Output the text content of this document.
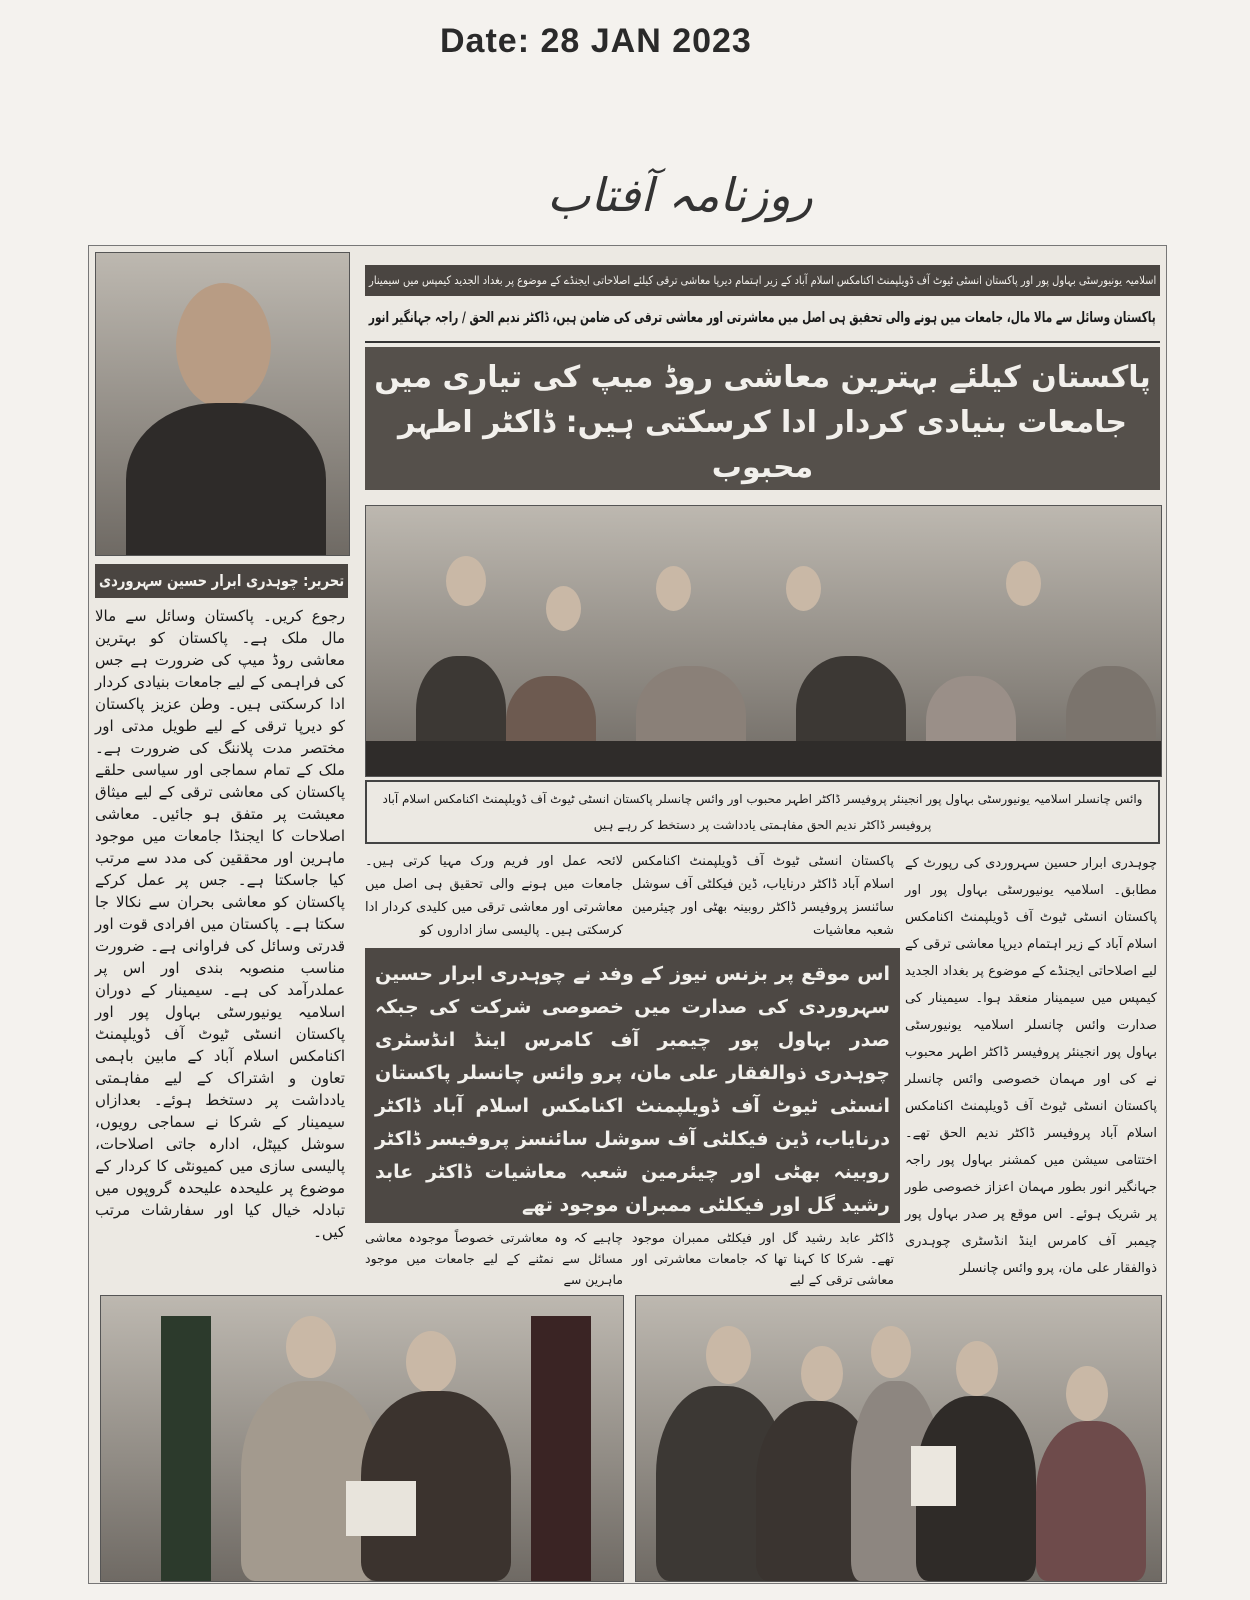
Date: 28 JAN 2023
روزنامہ آفتاب
تحریر: چوہدری ابرار حسین سہروردی
رجوع کریں۔ پاکستان وسائل سے مالا مال ملک ہے۔ پاکستان کو بہترین معاشی روڈ میپ کی ضرورت ہے جس کی فراہمی کے لیے جامعات بنیادی کردار ادا کرسکتی ہیں۔ وطن عزیز پاکستان کو دیرپا ترقی کے لیے طویل مدتی اور مختصر مدت پلاننگ کی ضرورت ہے۔ ملک کے تمام سماجی اور سیاسی حلقے پاکستان کی معاشی ترقی کے لیے میثاق معیشت پر متفق ہو جائیں۔ معاشی اصلاحات کا ایجنڈا جامعات میں موجود ماہرین اور محققین کی مدد سے مرتب کیا جاسکتا ہے۔ جس پر عمل کرکے پاکستان کو معاشی بحران سے نکالا جا سکتا ہے۔ پاکستان میں افرادی قوت اور قدرتی وسائل کی فراوانی ہے۔ ضرورت مناسب منصوبہ بندی اور اس پر عملدرآمد کی ہے۔ سیمینار کے دوران اسلامیہ یونیورسٹی بہاول پور اور پاکستان انسٹی ٹیوٹ آف ڈویلپمنٹ اکنامکس اسلام آباد کے مابین باہمی تعاون و اشتراک کے لیے مفاہمتی یادداشت پر دستخط ہوئے۔ بعدازاں سیمینار کے شرکا نے سماجی رویوں، سوشل کیپٹل، ادارہ جاتی اصلاحات، پالیسی سازی میں کمیونٹی کا کردار کے موضوع پر علیحدہ علیحدہ گروپوں میں تبادلہ خیال کیا اور سفارشات مرتب کیں۔
اسلامیہ یونیورسٹی بہاول پور اور پاکستان انسٹی ٹیوٹ آف ڈویلپمنٹ اکنامکس اسلام آباد کے زیر اہتمام دیرپا معاشی ترقی کیلئے اصلاحاتی ایجنڈے کے موضوع پر بغداد الجدید کیمپس میں سیمینار
پاکستان وسائل سے مالا مال، جامعات میں ہونے والی تحقیق ہی اصل میں معاشرتی اور معاشی ترقی کی ضامن ہیں، ڈاکٹر ندیم الحق / راجہ جہانگیر انور
پاکستان کیلئے بہترین معاشی روڈ میپ کی تیاری میں جامعات بنیادی کردار ادا کرسکتی ہیں: ڈاکٹر اطہر محبوب
وائس چانسلر اسلامیہ یونیورسٹی بہاول پور انجینئر پروفیسر ڈاکٹر اطہر محبوب اور وائس چانسلر پاکستان انسٹی ٹیوٹ آف ڈویلپمنٹ اکنامکس اسلام آباد پروفیسر ڈاکٹر ندیم الحق مفاہمتی یادداشت پر دستخط کر رہے ہیں
چوہدری ابرار حسین سہروردی کی رپورٹ کے مطابق۔ اسلامیہ یونیورسٹی بہاول پور اور پاکستان انسٹی ٹیوٹ آف ڈویلپمنٹ اکنامکس اسلام آباد کے زیر اہتمام دیرپا معاشی ترقی کے لیے اصلاحاتی ایجنڈے کے موضوع پر بغداد الجدید کیمپس میں سیمینار منعقد ہوا۔ سیمینار کی صدارت وائس چانسلر اسلامیہ یونیورسٹی بہاول پور انجینئر پروفیسر ڈاکٹر اطہر محبوب نے کی اور مہمان خصوصی وائس چانسلر پاکستان انسٹی ٹیوٹ آف ڈویلپمنٹ اکنامکس اسلام آباد پروفیسر ڈاکٹر ندیم الحق تھے۔ اختتامی سیشن میں کمشنر بہاول پور راجہ جہانگیر انور بطور مہمان اعزاز خصوصی طور پر شریک ہوئے۔ اس موقع پر صدر بہاول پور چیمبر آف کامرس اینڈ انڈسٹری چوہدری ذوالفقار علی مان، پرو وائس چانسلر
پاکستان انسٹی ٹیوٹ آف ڈویلپمنٹ اکنامکس اسلام آباد ڈاکٹر درنایاب، ڈین فیکلٹی آف سوشل سائنسز پروفیسر ڈاکٹر روبینہ بھٹی اور چیئرمین شعبہ معاشیات
لائحہ عمل اور فریم ورک مہیا کرتی ہیں۔ جامعات میں ہونے والی تحقیق ہی اصل میں معاشرتی اور معاشی ترقی میں کلیدی کردار ادا کرسکتی ہیں۔ پالیسی ساز اداروں کو
اس موقع پر بزنس نیوز کے وفد نے چوہدری ابرار حسین سہروردی کی صدارت میں خصوصی شرکت کی جبکہ صدر بہاول پور چیمبر آف کامرس اینڈ انڈسٹری چوہدری ذوالفقار علی مان، پرو وائس چانسلر پاکستان انسٹی ٹیوٹ آف ڈویلپمنٹ اکنامکس اسلام آباد ڈاکٹر درنایاب، ڈین فیکلٹی آف سوشل سائنسز پروفیسر ڈاکٹر روبینہ بھٹی اور چیئرمین شعبہ معاشیات ڈاکٹر عابد رشید گل اور فیکلٹی ممبران موجود تھے
ڈاکٹر عابد رشید گل اور فیکلٹی ممبران موجود تھے۔ شرکا کا کہنا تھا کہ جامعات معاشرتی اور معاشی ترقی کے لیے
چاہیے کہ وہ معاشرتی خصوصاً موجودہ معاشی مسائل سے نمٹنے کے لیے جامعات میں موجود ماہرین سے
